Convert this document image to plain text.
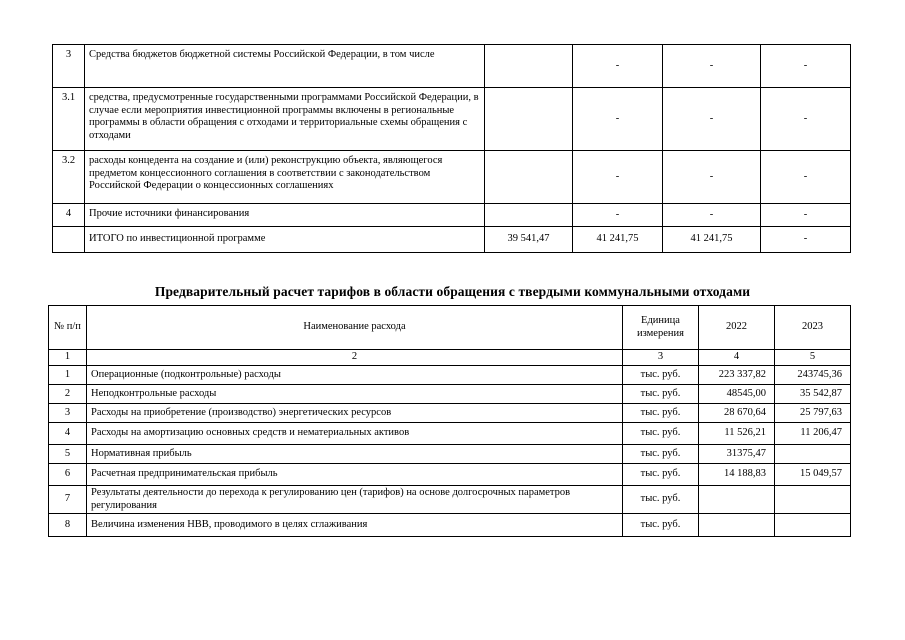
3	Средства бюджетов бюджетной системы Российской Федерации, в том числе		-	-	-
3.1	средства, предусмотренные государственными программами Российской Федерации, в случае если мероприятия инвестиционной программы включены в региональные программы в области обращения с отходами и территориальные схемы обращения с отходами		-	-	-
3.2	расходы концедента на создание и (или) реконструкцию объекта, являющегося предметом концессионного соглашения в соответствии с законодательством Российской Федерации о концессионных соглашениях		-	-	-
4	Прочие источники финансирования		-	-	-
	ИТОГО по инвестиционной программе	39 541,47	41 241,75	41 241,75	-
Предварительный расчет тарифов в области обращения с твердыми коммунальными отходами
№ п/п	Наименование расхода	Единица измерения	2022	2023
1	2	3	4	5
1	Операционные (подконтрольные) расходы	тыс. руб.	223 337,82	243745,36
2	Неподконтрольные расходы	тыс. руб.	48545,00	35 542,87
3	Расходы на приобретение (производство) энергетических ресурсов	тыс. руб.	28 670,64	25 797,63
4	Расходы на амортизацию основных средств и нематериальных активов	тыс. руб.	11 526,21	11 206,47
5	Нормативная прибыль	тыс. руб.	31375,47	
6	Расчетная предпринимательская прибыль	тыс. руб.	14 188,83	15 049,57
7	Результаты деятельности до перехода к регулированию цен (тарифов) на основе долгосрочных параметров регулирования	тыс. руб.		
8	Величина изменения НВВ, проводимого в целях сглаживания	тыс. руб.		
